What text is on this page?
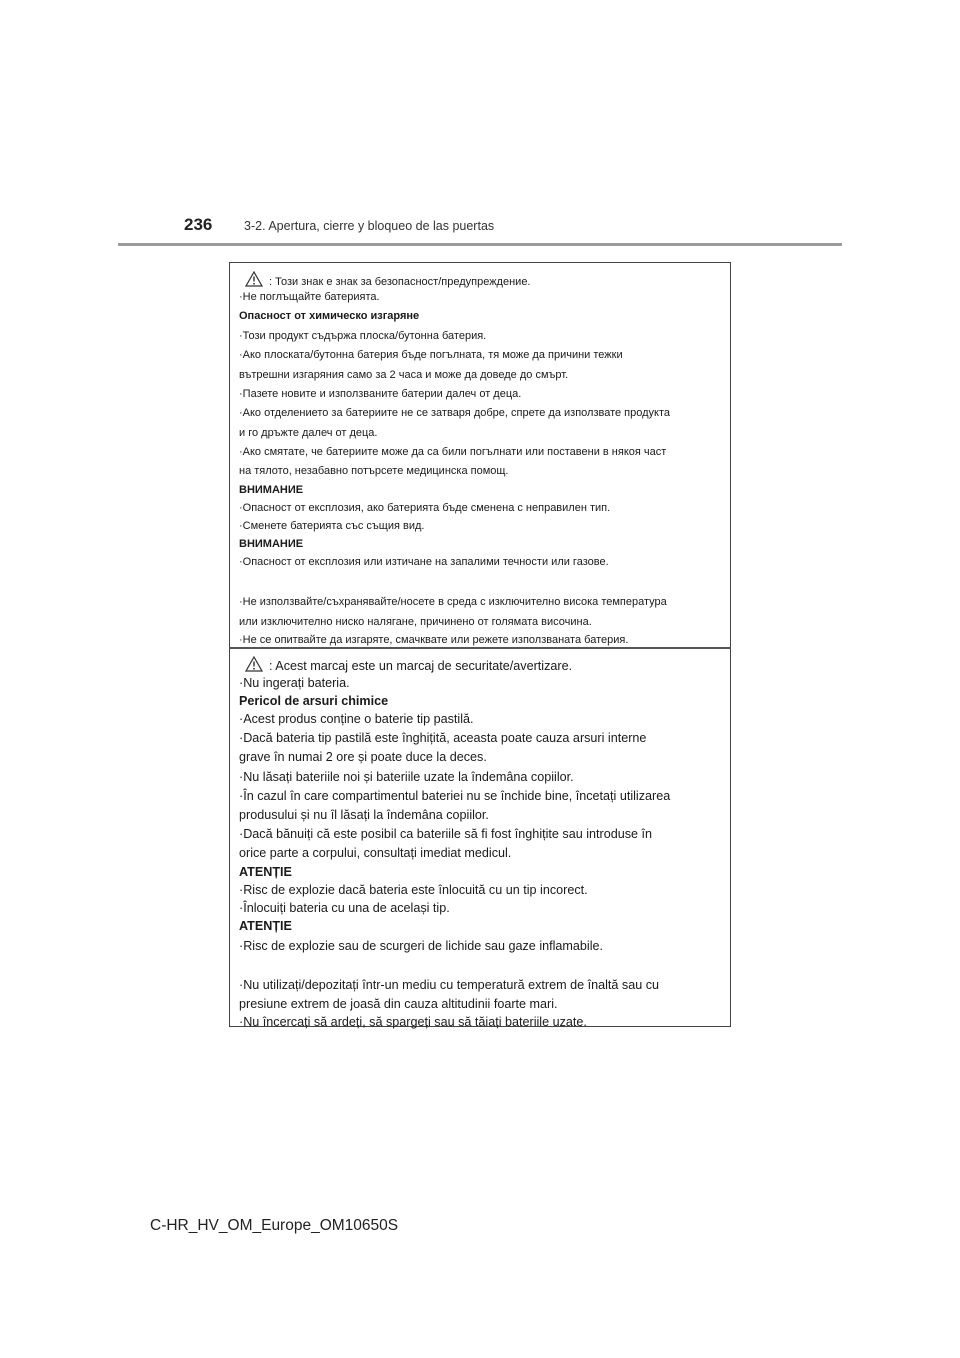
236	3-2. Apertura, cierre y bloqueo de las puertas
: Този знак е знак за безопасност/предупреждение.
·Не поглъщайте батерията.
Опасност от химическо изгаряне
·Този продукт съдържа плоска/бутонна батерия.
·Ако плоската/бутонна батерия бъде погълната, тя може да причини тежки
вътрешни изгаряния само за 2 часа и може да доведе до смърт.
·Пазете новите и използваните батерии далеч от деца.
·Ако отделението за батериите не се затваря добре, спрете да използвате продукта
и го дръжте далеч от деца.
·Ако смятате, че батериите може да са били погълнати или поставени в някоя част
на тялото, незабавно потърсете медицинска помощ.
ВНИМАНИЕ
·Опасност от експлозия, ако батерията бъде сменена с неправилен тип.
·Сменете батерията със същия вид.
ВНИМАНИЕ
·Опасност от експлозия или изтичане на запалими течности или газове.
·Не използвайте/съхранявайте/носете в среда с изключително висока температура
или изключително ниско налягане, причинено от голямата височина.
·Не се опитвайте да изгаряте, смачквате или режете използваната батерия.
: Acest marcaj este un marcaj de securitate/avertizare.
·Nu ingerați bateria.
Pericol de arsuri chimice
·Acest produs conține o baterie tip pastilă.
·Dacă bateria tip pastilă este înghițită, aceasta poate cauza arsuri interne
grave în numai 2 ore și poate duce la deces.
·Nu lăsați bateriile noi și bateriile uzate la îndemâna copiilor.
·În cazul în care compartimentul bateriei nu se închide bine, încetați utilizarea
produsului și nu îl lăsați la îndemâna copiilor.
·Dacă bănuiți că este posibil ca bateriile să fi fost înghițite sau introduse în
orice parte a corpului, consultați imediat medicul.
ATENȚIE
·Risc de explozie dacă bateria este înlocuită cu un tip incorect.
·Înlocuiți bateria cu una de același tip.
ATENȚIE
·Risc de explozie sau de scurgeri de lichide sau gaze inflamabile.
·Nu utilizați/depozitați într-un mediu cu temperatură extrem de înaltă sau cu
presiune extrem de joasă din cauza altitudinii foarte mari.
·Nu încercați să ardeți, să spargeți sau să tăiați bateriile uzate.
C-HR_HV_OM_Europe_OM10650S
